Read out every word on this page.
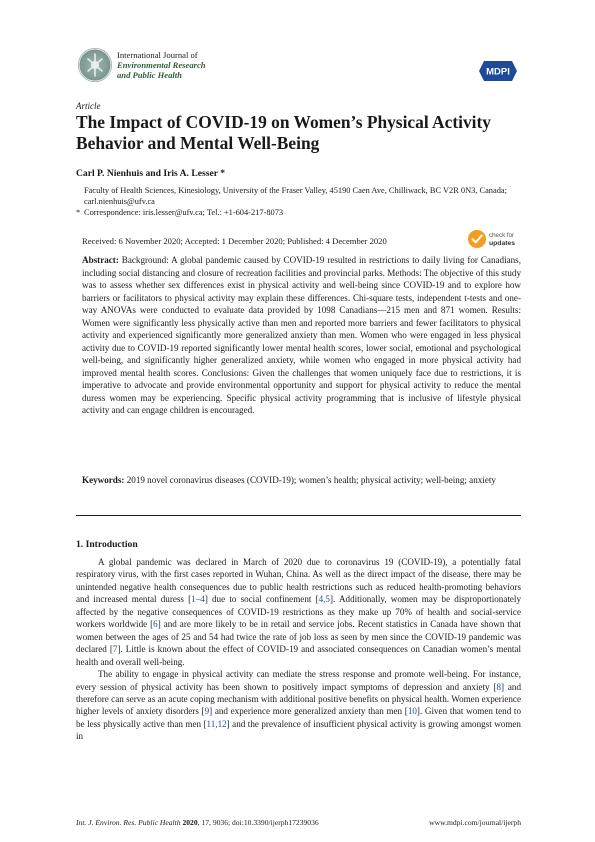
International Journal of
Environmental Research
and Public Health	MDPI
Article
The Impact of COVID-19 on Women’s Physical Activity Behavior and Mental Well-Being
Carl P. Nienhuis and Iris A. Lesser *
Faculty of Health Sciences, Kinesiology, University of the Fraser Valley, 45190 Caen Ave, Chilliwack, BC V2R 0N3, Canada; carl.nienhuis@ufv.ca
* Correspondence: iris.lesser@ufv.ca; Tel.: +1-604-217-8073
Received: 6 November 2020; Accepted: 1 December 2020; Published: 4 December 2020
check for
updates
Abstract: Background: A global pandemic caused by COVID-19 resulted in restrictions to daily living for Canadians, including social distancing and closure of recreation facilities and provincial parks. Methods: The objective of this study was to assess whether sex differences exist in physical activity and well-being since COVID-19 and to explore how barriers or facilitators to physical activity may explain these differences. Chi-square tests, independent t-tests and one-way ANOVAs were conducted to evaluate data provided by 1098 Canadians—215 men and 871 women. Results: Women were significantly less physically active than men and reported more barriers and fewer facilitators to physical activity and experienced significantly more generalized anxiety than men. Women who were engaged in less physical activity due to COVID-19 reported significantly lower mental health scores, lower social, emotional and psychological well-being, and significantly higher generalized anxiety, while women who engaged in more physical activity had improved mental health scores. Conclusions: Given the challenges that women uniquely face due to restrictions, it is imperative to advocate and provide environmental opportunity and support for physical activity to reduce the mental duress women may be experiencing. Specific physical activity programming that is inclusive of lifestyle physical activity and can engage children is encouraged.
Keywords: 2019 novel coronavirus diseases (COVID-19); women’s health; physical activity; well-being; anxiety
1. Introduction

A global pandemic was declared in March of 2020 due to coronavirus 19 (COVID-19), a potentially fatal respiratory virus, with the first cases reported in Wuhan, China. As well as the direct impact of the disease, there may be unintended negative health consequences due to public health restrictions such as reduced health-promoting behaviors and increased mental duress [1–4] due to social confinement [4,5]. Additionally, women may be disproportionately affected by the negative consequences of COVID-19 restrictions as they make up 70% of health and social-service workers worldwide [6] and are more likely to be in retail and service jobs. Recent statistics in Canada have shown that women between the ages of 25 and 54 had twice the rate of job loss as seen by men since the COVID-19 pandemic was declared [7]. Little is known about the effect of COVID-19 and associated consequences on Canadian women’s mental health and overall well-being.

The ability to engage in physical activity can mediate the stress response and promote well-being. For instance, every session of physical activity has been shown to positively impact symptoms of depression and anxiety [8] and therefore can serve as an acute coping mechanism with additional positive benefits on physical health. Women experience higher levels of anxiety disorders [9] and experience more generalized anxiety than men [10]. Given that women tend to be less physically active than men [11,12] and the prevalence of insufficient physical activity is growing amongst women in

Int. J. Environ. Res. Public Health 2020, 17, 9036; doi:10.3390/ijerph17239036	www.mdpi.com/journal/ijerph
